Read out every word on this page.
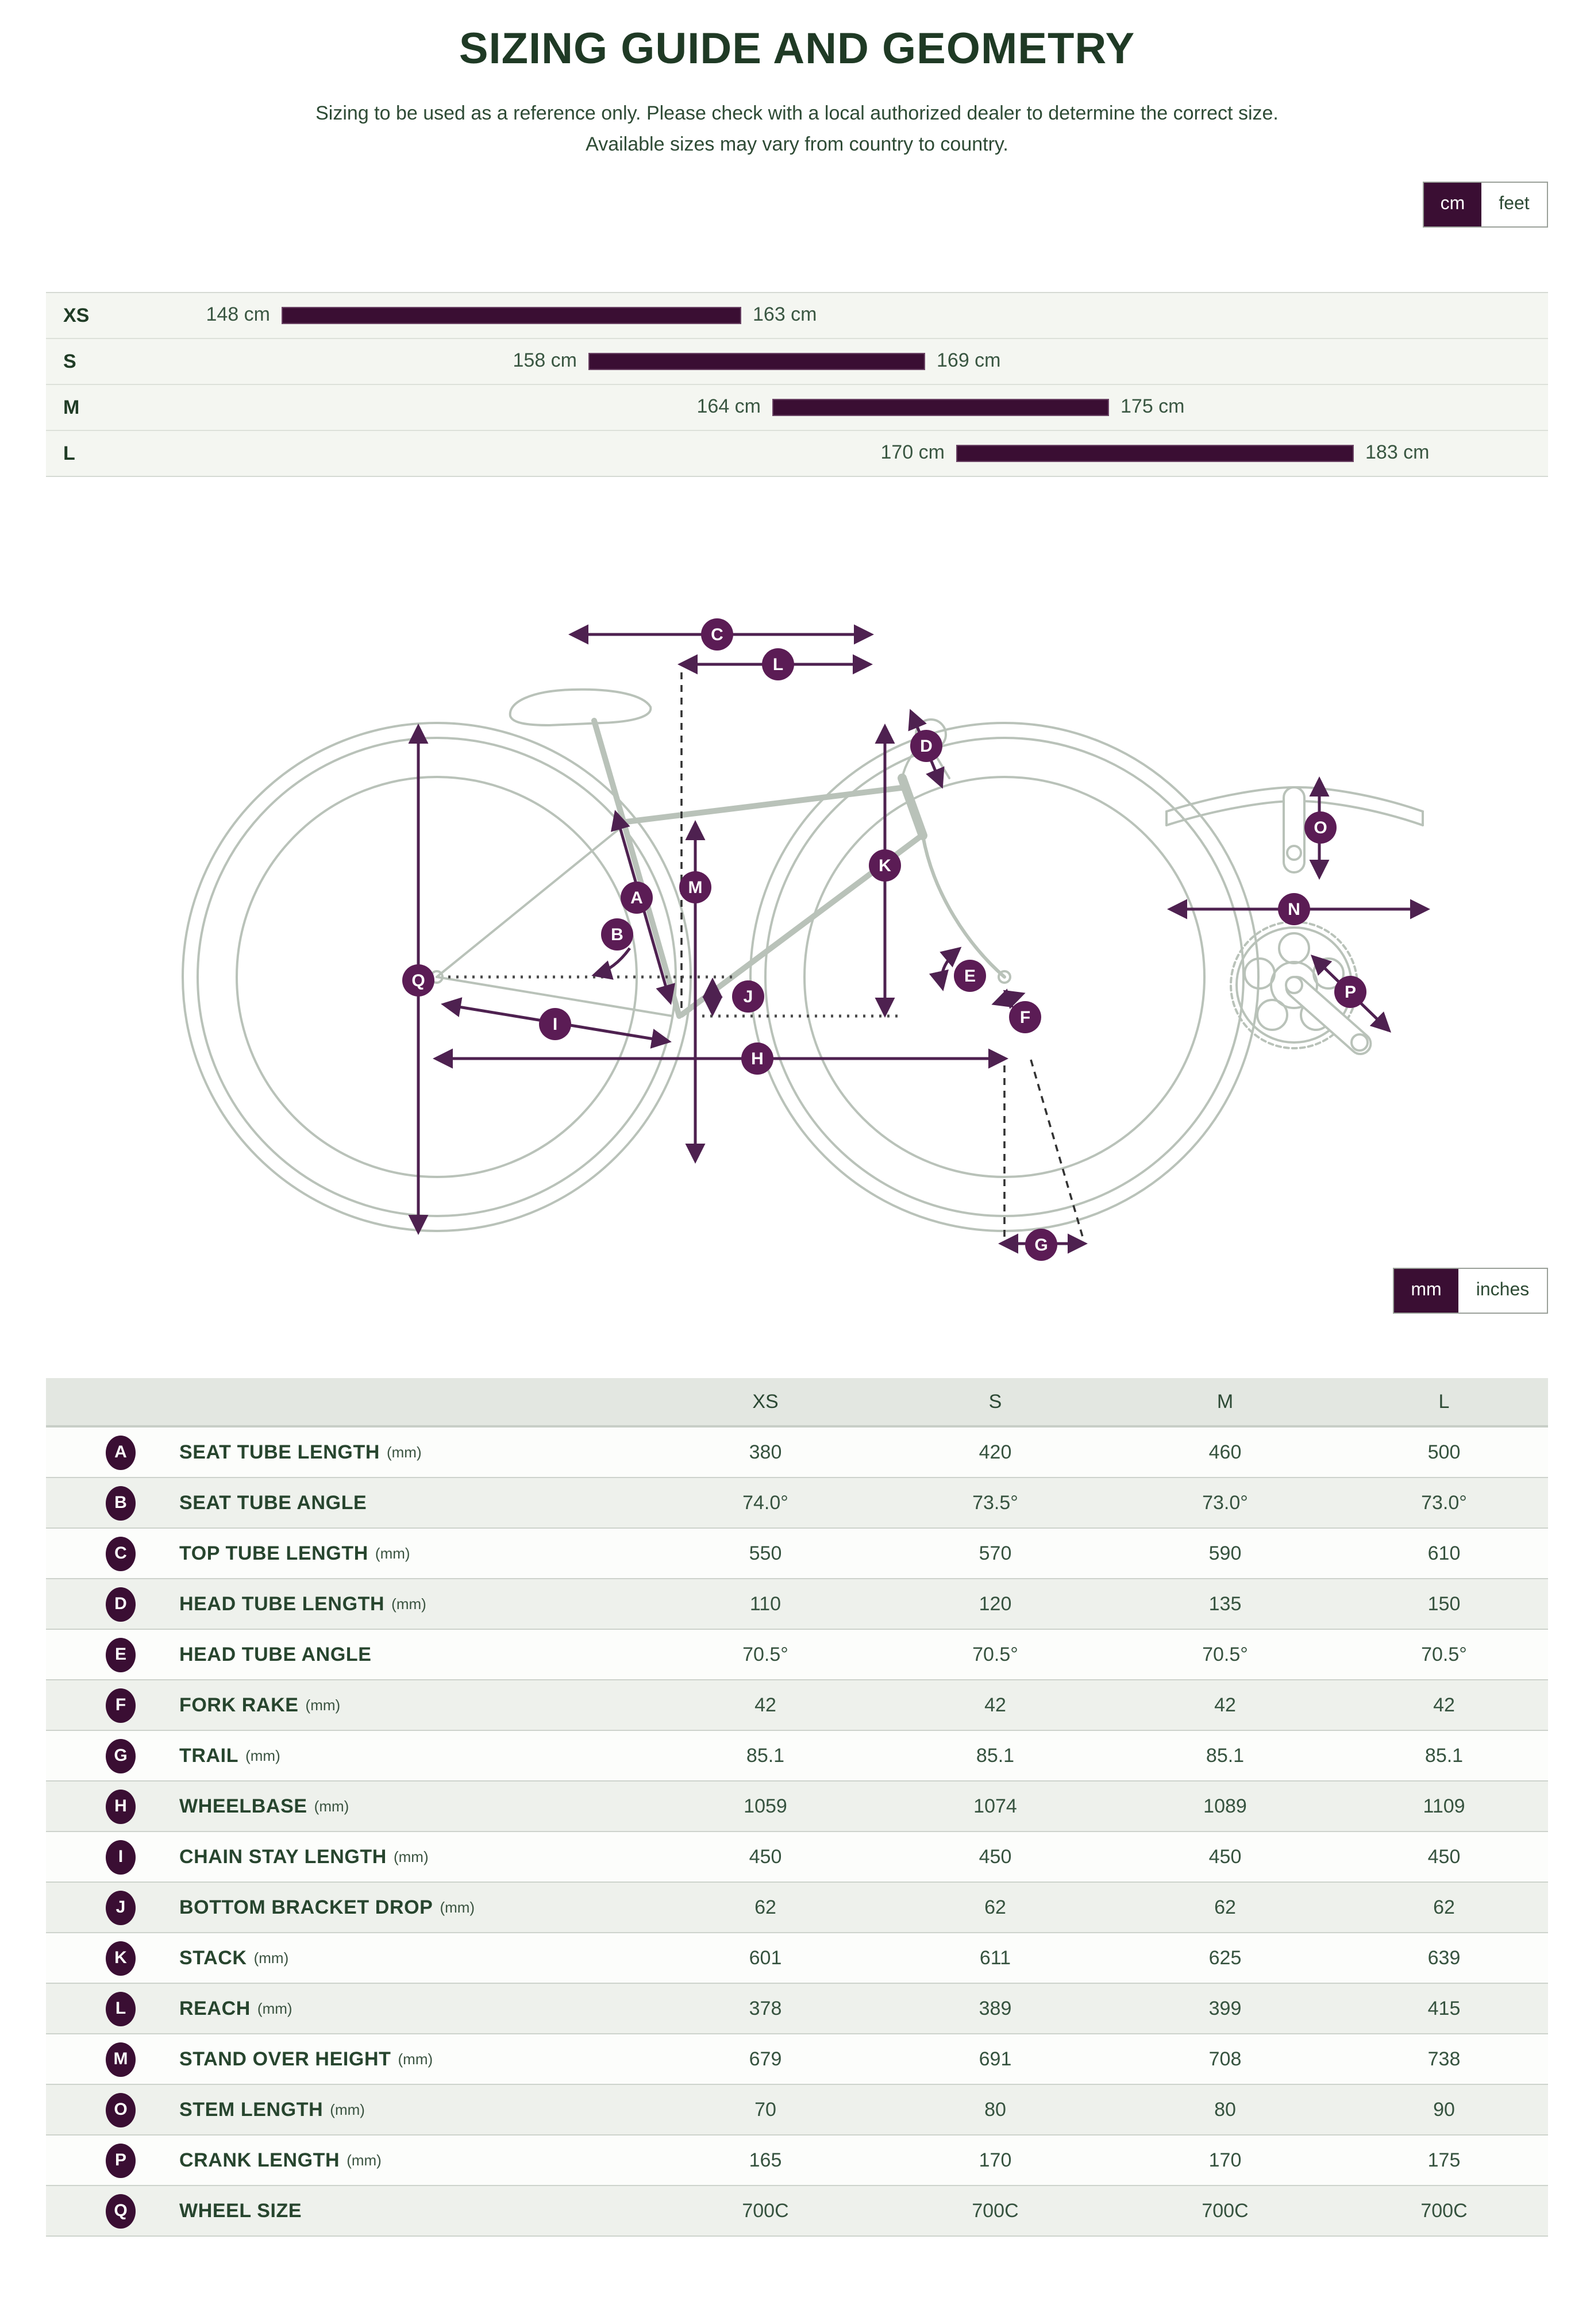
SIZING GUIDE AND GEOMETRY
Sizing to be used as a reference only. Please check with a local authorized dealer to determine the correct size.
Available sizes may vary from country to country.
cm	feet
XS	148 cm	163 cm
S	158 cm	169 cm
M	164 cm	175 cm
L	170 cm	183 cm
A
B
C
D
E
F
G
H
I
J
K
L
M
N
O
P
Q
mm	inches
XS	S	M	L
A	SEAT TUBE LENGTH (mm)	380	420	460	500
B	SEAT TUBE ANGLE	74.0°	73.5°	73.0°	73.0°
C	TOP TUBE LENGTH (mm)	550	570	590	610
D	HEAD TUBE LENGTH (mm)	110	120	135	150
E	HEAD TUBE ANGLE	70.5°	70.5°	70.5°	70.5°
F	FORK RAKE (mm)	42	42	42	42
G	TRAIL (mm)	85.1	85.1	85.1	85.1
H	WHEELBASE (mm)	1059	1074	1089	1109
I	CHAIN STAY LENGTH (mm)	450	450	450	450
J	BOTTOM BRACKET DROP (mm)	62	62	62	62
K	STACK (mm)	601	611	625	639
L	REACH (mm)	378	389	399	415
M	STAND OVER HEIGHT (mm)	679	691	708	738
O	STEM LENGTH (mm)	70	80	80	90
P	CRANK LENGTH (mm)	165	170	170	175
Q	WHEEL SIZE	700C	700C	700C	700C
